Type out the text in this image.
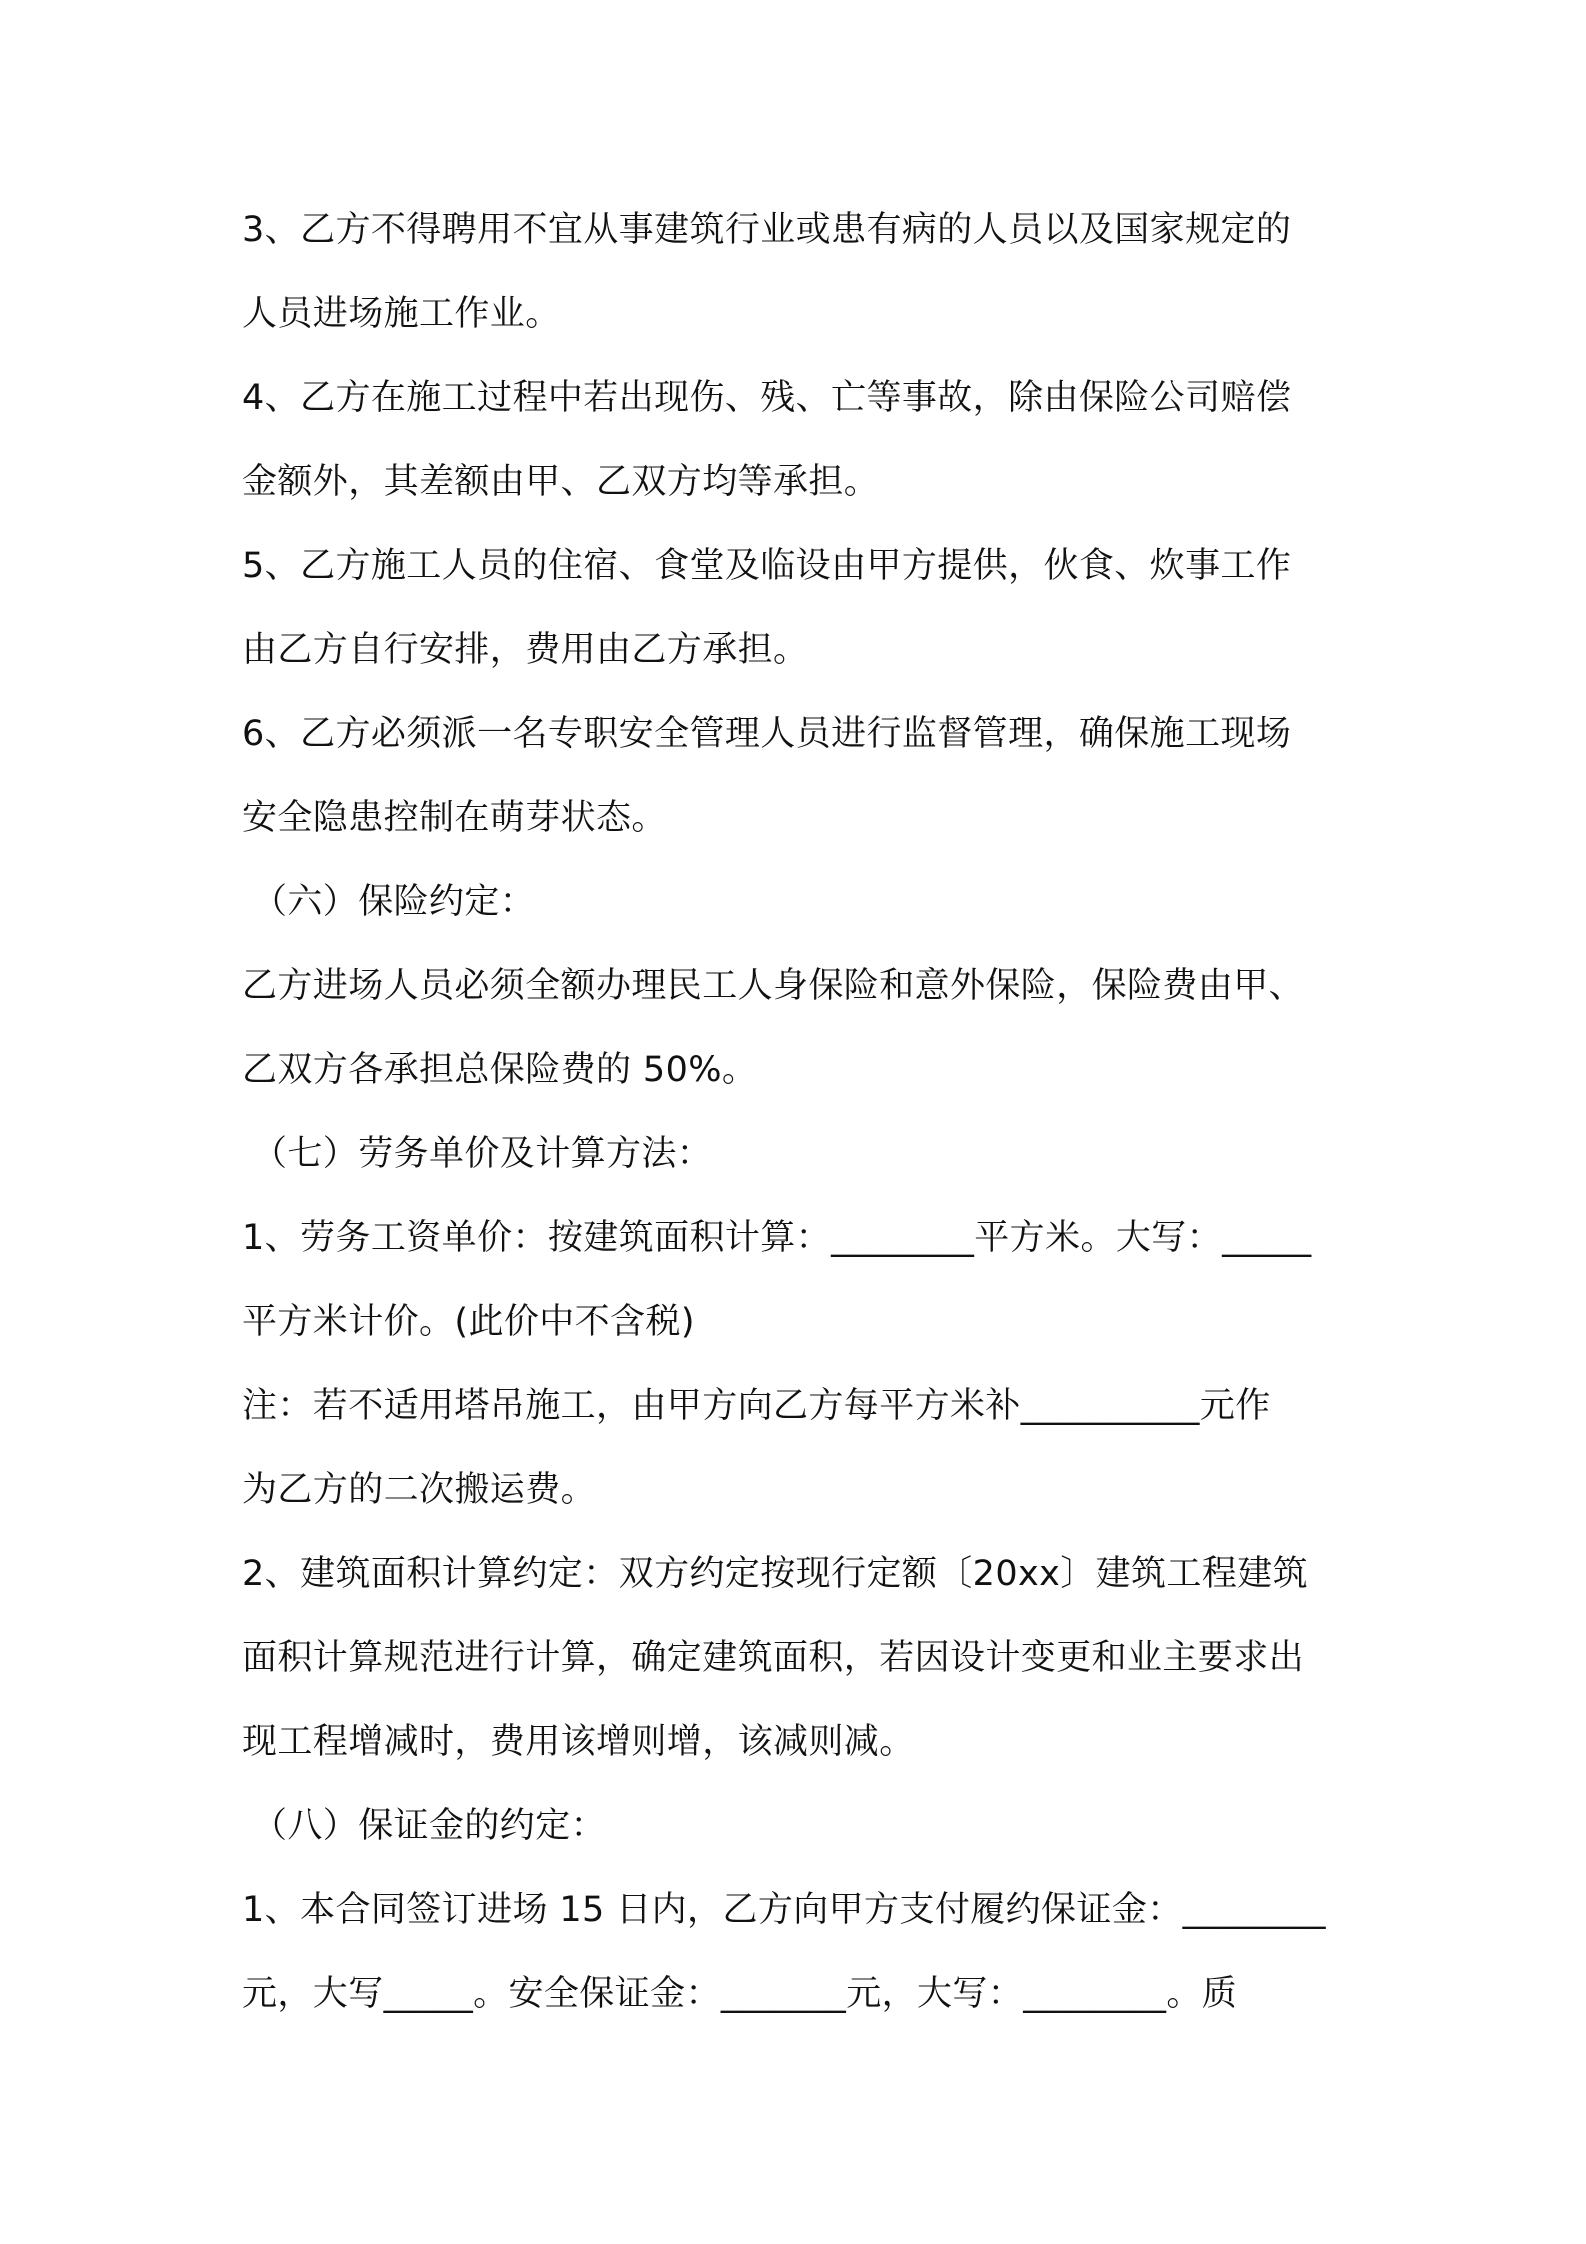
3、乙方不得聘用不宜从事建筑行业或患有病的人员以及国家规定的
人员进场施工作业。
4、乙方在施工过程中若出现伤、残、亡等事故，除由保险公司赔偿
金额外，其差额由甲、乙双方均等承担。
5、乙方施工人员的住宿、食堂及临设由甲方提供，伙食、炊事工作
由乙方自行安排，费用由乙方承担。
6、乙方必须派一名专职安全管理人员进行监督管理，确保施工现场
安全隐患控制在萌芽状态。
（六）保险约定：
乙方进场人员必须全额办理民工人身保险和意外保险，保险费由甲、
乙双方各承担总保险费的 50%。
（七）劳务单价及计算方法：
1、劳务工资单价：按建筑面积计算：________平方米。大写：_____
平方米计价。(此价中不含税)
注：若不适用塔吊施工，由甲方向乙方每平方米补__________元作
为乙方的二次搬运费。
2、建筑面积计算约定：双方约定按现行定额〔20xx〕建筑工程建筑
面积计算规范进行计算，确定建筑面积，若因设计变更和业主要求出
现工程增减时，费用该增则增，该减则减。
（八）保证金的约定：
1、本合同签订进场 15 日内，乙方向甲方支付履约保证金：________
元，大写_____。安全保证金：_______元，大写：________。质
